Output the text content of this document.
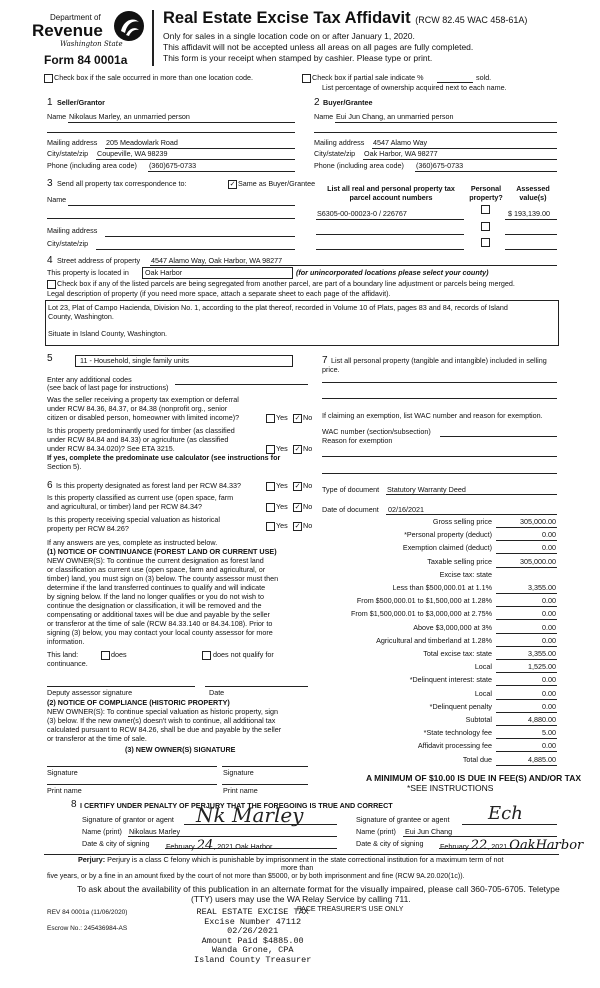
Department of
Revenue
Washington State
Form 84 0001a
Real Estate Excise Tax Affidavit (RCW 82.45 WAC 458-61A)
Only for sales in a single location code on or after January 1, 2020.
This affidavit will not be accepted unless all areas on all pages are fully completed.
This form is your receipt when stamped by cashier. Please type or print.
Check box if the sale occurred in more than one location code.	Check box if partial sale indicate %	sold.
List percentage of ownership acquired next to each name.
1 Seller/Grantor
Name Nikolaus Marley, an unmarried person
Mailing address 205 Meadowlark Road
City/state/zip Coupeville, WA 98239
Phone (including area code) (360)675-0733
2 Buyer/Grantee
Name Eui Jun Chang, an unmarried person
Mailing address 4547 Alamo Way
City/state/zip Oak Harbor, WA 98277
Phone (including area code) (360)675-0733
3 Send all property tax correspondence to:	✓ Same as Buyer/Grantee
Name
Mailing address
City/state/zip
List all real and personal property tax parcel account numbers
Personal property?
Assessed value(s)
S6305-00-00023-0 / 226767	$ 193,139.00
4 Street address of property 4547 Alamo Way, Oak Harbor, WA 98277
This property is located in Oak Harbor	(for unincorporated locations please select your county)
Check box if any of the listed parcels are being segregated from another parcel, are part of a boundary line adjustment or parcels being merged.
Legal description of property (if you need more space, attach a separate sheet to each page of the affidavit).
Lot 23, Plat of Campo Hacienda, Division No. 1, according to the plat thereof, recorded in Volume 10 of Plats, pages 83 and 84, records of Island
County, Washington.
Situate in Island County, Washington.
5	11 - Household, single family units
Enter any additional codes
(see back of last page for instructions)
Was the seller receiving a property tax exemption or deferral
under RCW 84.36, 84.37, or 84.38 (nonprofit org., senior
citizen or disabled person, homeowner with limited income)?	Yes ✓ No
Is this property predominantly used for timber (as classified
under RCW 84.84 and 84.33) or agriculture (as classified
under RCW 84.34.020)? See ETA 3215.	Yes ✓ No
If yes, complete the predominate use calculator (see instructions for
Section 5).
6 Is this property designated as forest land per RCW 84.33?	Yes ✓ No
Is this property classified as current use (open space, farm
and agricultural, or timber) land per RCW 84.34?	Yes ✓ No
Is this property receiving special valuation as historical
property per RCW 84.26?	Yes ✓ No
If any answers are yes, complete as instructed below.
(1) NOTICE OF CONTINUANCE (FOREST LAND OR CURRENT USE)
NEW OWNER(S): To continue the current designation as forest land
or classification as current use (open space, farm and agricultural, or
timber) land, you must sign on (3) below. The county assessor must then
determine if the land transferred continues to qualify and will indicate
by signing below. If the land no longer qualifies or you do not wish to
continue the designation or classification, it will be removed and the
compensating or additional taxes will be due and payable by the seller
or transferor at the time of sale (RCW 84.33.140 or 84.34.108). Prior to
signing (3) below, you may contact your local county assessor for more
information.
This land:	does	does not qualify for
continuance.
Deputy assessor signature	Date
(2) NOTICE OF COMPLIANCE (HISTORIC PROPERTY)
NEW OWNER(S): To continue special valuation as historic property, sign
(3) below. If the new owner(s) doesn't wish to continue, all additional tax
calculated pursuant to RCW 84.26, shall be due and payable by the seller
or transferor at the time of sale.
(3) NEW OWNER(S) SIGNATURE
Signature	Signature
Print name	Print name
7 List all personal property (tangible and intangible) included in selling
price.
If claiming an exemption, list WAC number and reason for exemption.
WAC number (section/subsection)
Reason for exemption
Type of document Statutory Warranty Deed
Date of document 02/16/2021
Gross selling price	305,000.00
*Personal property (deduct)	0.00
Exemption claimed (deduct)	0.00
Taxable selling price	305,000.00
Excise tax: state
Less than $500,000.01 at 1.1%	3,355.00
From $500,000.01 to $1,500,000 at 1.28%	0.00
From $1,500,000.01 to $3,000,000 at 2.75%	0.00
Above $3,000,000 at 3%	0.00
Agricultural and timberland at 1.28%	0.00
Total excise tax: state	3,355.00
Local	1,525.00
*Delinquent interest: state	0.00
Local	0.00
*Delinquent penalty	0.00
Subtotal	4,880.00
*State technology fee	5.00
Affidavit processing fee	0.00
Total due	4,885.00
A MINIMUM OF $10.00 IS DUE IN FEE(S) AND/OR TAX
*SEE INSTRUCTIONS
8 I CERTIFY UNDER PENALTY OF PERJURY THAT THE FOREGOING IS TRUE AND CORRECT
Signature of grantor or agent Nk Marley	Signature of grantee or agent Ech
Name (print) Nikolaus Marley	Name (print) Eui Jun Chang
Date & city of signing February 24, 2021 Oak Harbor	Date & city of signing February 22, 2021 OakHarbor
Perjury: Perjury is a class C felony which is punishable by imprisonment in the state correctional institution for a maximum term of not
more than
five years, or by a fine in an amount fixed by the court of not more than $5000, or by both imprisonment and fine (RCW 9A.20.020(1c)).
To ask about the availability of this publication in an alternate format for the visually impaired, please call 360-705-6705. Teletype
(TTY) users may use the WA Relay Service by calling 711.
REV 84 0001a (11/06/2020)
Escrow No.: 245436984-AS
PACE TREASURER'S USE ONLY
REAL ESTATE EXCISE TAX
Excise Number 47112
02/26/2021
Amount Paid $4885.00
Wanda Grone, CPA
Island County Treasurer
